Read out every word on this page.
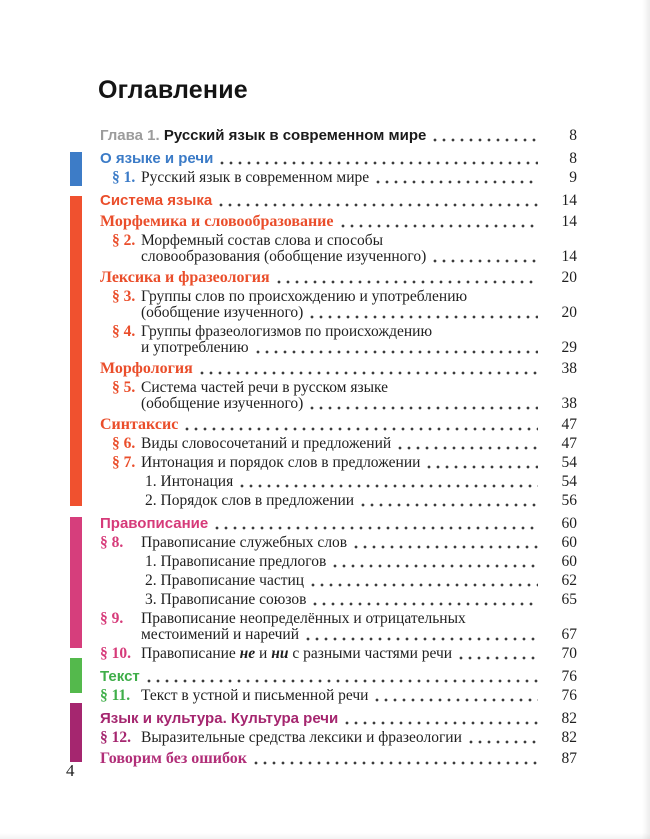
Оглавление
Глава 1. Русский язык в современном мире	8
О языке и речи	8
§ 1. Русский язык в современном мире	9
Система языка	14
Морфемика и словообразование	14
§ 2. Морфемный состав слова и способы
словообразования (обобщение изученного)	14
Лексика и фразеология	20
§ 3. Группы слов по происхождению и употреблению
(обобщение изученного)	20
§ 4. Группы фразеологизмов по происхождению
и употреблению	29
Морфология	38
§ 5. Система частей речи в русском языке
(обобщение изученного)	38
Синтаксис	47
§ 6. Виды словосочетаний и предложений	47
§ 7. Интонация и порядок слов в предложении	54
1. Интонация	54
2. Порядок слов в предложении	56
Правописание	60
§ 8.	Правописание служебных слов	60
1. Правописание предлогов	60
2. Правописание частиц	62
3. Правописание союзов	65
§ 9.	Правописание неопределённых и отрицательных
местоимений и наречий	67
§ 10. Правописание не и ни с разными частями речи	70
Текст	76
§ 11. Текст в устной и письменной речи	76
Язык и культура. Культура речи	82
§ 12. Выразительные средства лексики и фразеологии	82
Говорим без ошибок	87
4
